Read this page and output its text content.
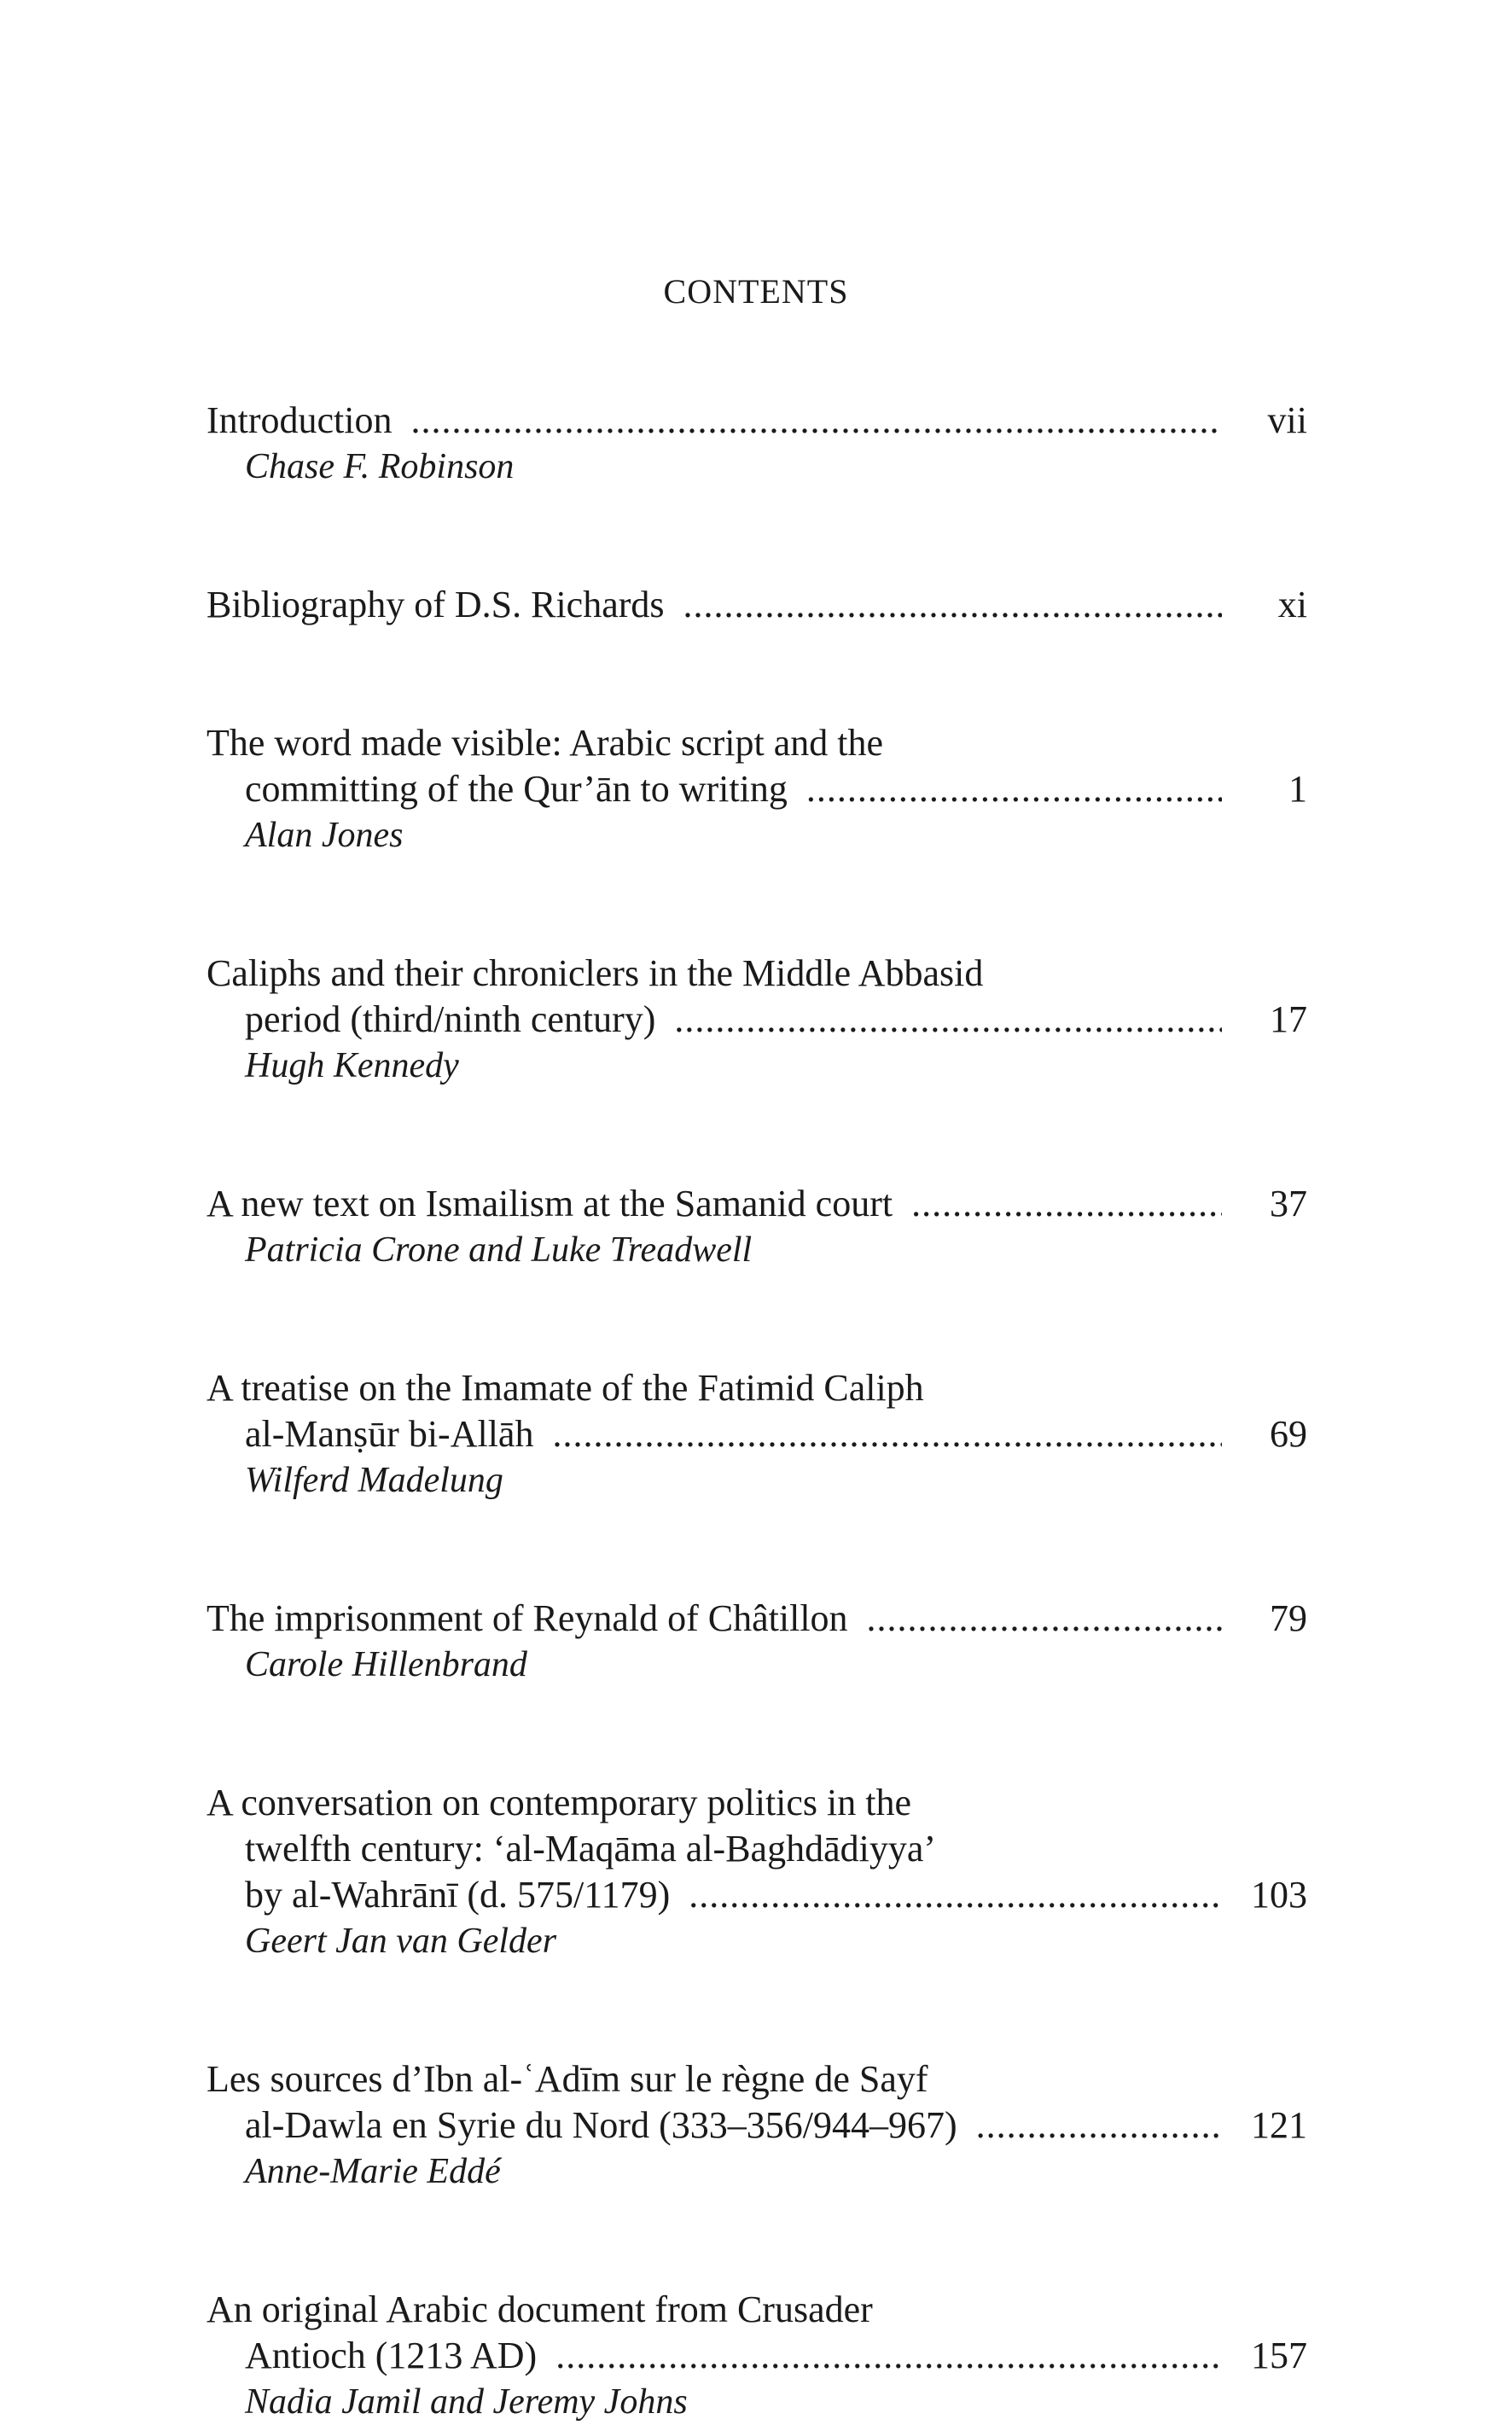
CONTENTS
Introduction .....	vii
Chase F. Robinson
Bibliography of D.S. Richards .....	xi
The word made visible: Arabic script and the
committing of the Qur’ān to writing .....	1
Alan Jones
Caliphs and their chroniclers in the Middle Abbasid
period (third/ninth century) .....	17
Hugh Kennedy
A new text on Ismailism at the Samanid court .....	37
Patricia Crone and Luke Treadwell
A treatise on the Imamate of the Fatimid Caliph
al-Manṣūr bi-Allāh .....	69
Wilferd Madelung
The imprisonment of Reynald of Châtillon .....	79
Carole Hillenbrand
A conversation on contemporary politics in the
twelfth century: ‘al-Maqāma al-Baghdādiyya’
by al-Wahrānī (d. 575/1179) .....	103
Geert Jan van Gelder
Les sources d’Ibn al-ʿAdīm sur le règne de Sayf
al-Dawla en Syrie du Nord (333–356/944–967) .....	121
Anne-Marie Eddé
An original Arabic document from Crusader
Antioch (1213 AD) .....	157
Nadia Jamil and Jeremy Johns
